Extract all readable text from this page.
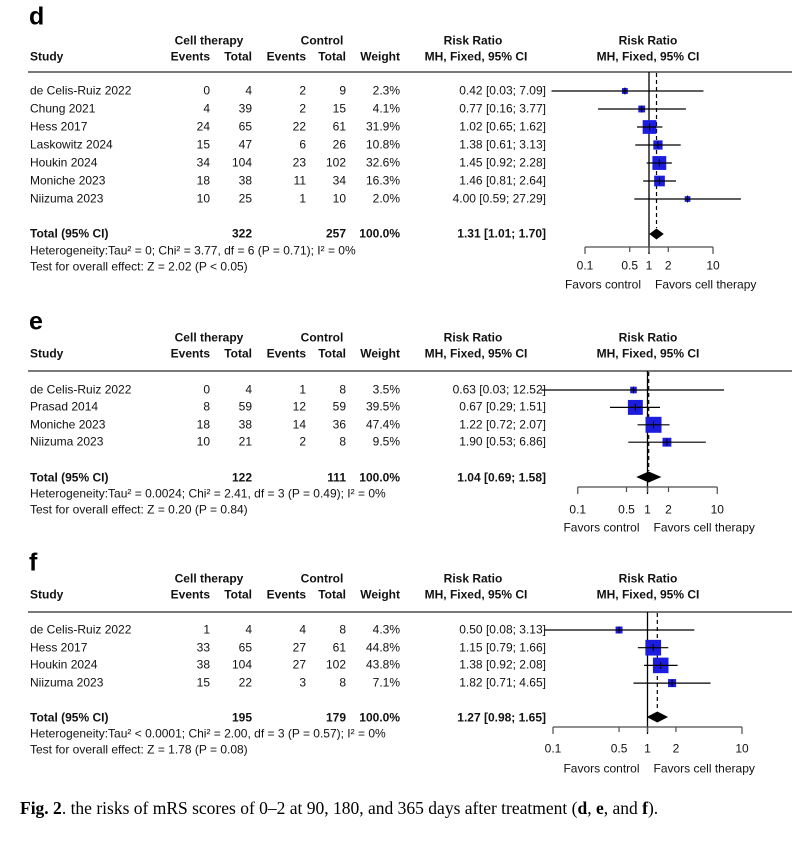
d
Cell therapy	Control	Risk Ratio	Risk Ratio
Study	Events	Total	Events	Total	Weight	MH, Fixed, 95% CI	MH, Fixed, 95% CI
de Celis-Ruiz 2022	0	4	2	9	2.3%	0.42 [0.03; 7.09]
Chung 2021	4	39	2	15	4.1%	0.77 [0.16; 3.77]
Hess 2017	24	65	22	61	31.9%	1.02 [0.65; 1.62]
Laskowitz 2024	15	47	6	26	10.8%	1.38 [0.61; 3.13]
Houkin 2024	34	104	23	102	32.6%	1.45 [0.92; 2.28]
Moniche 2023	18	38	11	34	16.3%	1.46 [0.81; 2.64]
Niizuma 2023	10	25	1	10	2.0%	4.00 [0.59; 27.29]
Total (95% CI)	322	257	100.0%	1.31 [1.01; 1.70]
Heterogeneity:Tau² = 0; Chi² = 3.77, df = 6 (P = 0.71); I² = 0%
Test for overall effect: Z = 2.02 (P < 0.05)	0.1	0.5 1	2	10
Favors control Favors cell therapy
e
Cell therapy	Control	Risk Ratio	Risk Ratio
Study	Events	Total	Events	Total	Weight	MH, Fixed, 95% CI	MH, Fixed, 95% CI
de Celis-Ruiz 2022	0	4	1	8	3.5%	0.63 [0.03; 12.52]
Prasad 2014	8	59	12	59	39.5%	0.67 [0.29; 1.51]
Moniche 2023	18	38	14	36	47.4%	1.22 [0.72; 2.07]
Niizuma 2023	10	21	2	8	9.5%	1.90 [0.53; 6.86]
Total (95% CI)	122	111	100.0%	1.04 [0.69; 1.58]
Heterogeneity:Tau² = 0.0024; Chi² = 2.41, df = 3 (P = 0.49); I² = 0%
Test for overall effect: Z = 0.20 (P = 0.84)	0.1	0.5 1	2	10
Favors control Favors cell therapy
f
Cell therapy	Control	Risk Ratio	Risk Ratio
Study	Events	Total	Events	Total	Weight	MH, Fixed, 95% CI	MH, Fixed, 95% CI
de Celis-Ruiz 2022	1	4	4	8	4.3%	0.50 [0.08; 3.13]
Hess 2017	33	65	27	61	44.8%	1.15 [0.79; 1.66]
Houkin 2024	38	104	27	102	43.8%	1.38 [0.92; 2.08]
Niizuma 2023	15	22	3	8	7.1%	1.82 [0.71; 4.65]
Total (95% CI)	195	179	100.0%	1.27 [0.98; 1.65]
Heterogeneity:Tau² < 0.0001; Chi² = 2.00, df = 3 (P = 0.57); I² = 0%
Test for overall effect: Z = 1.78 (P = 0.08)	0.1	0.5	1	2	10
Favors control Favors cell therapy

Fig. 2. the risks of mRS scores of 0–2 at 90, 180, and 365 days after treatment (d, e, and f).
